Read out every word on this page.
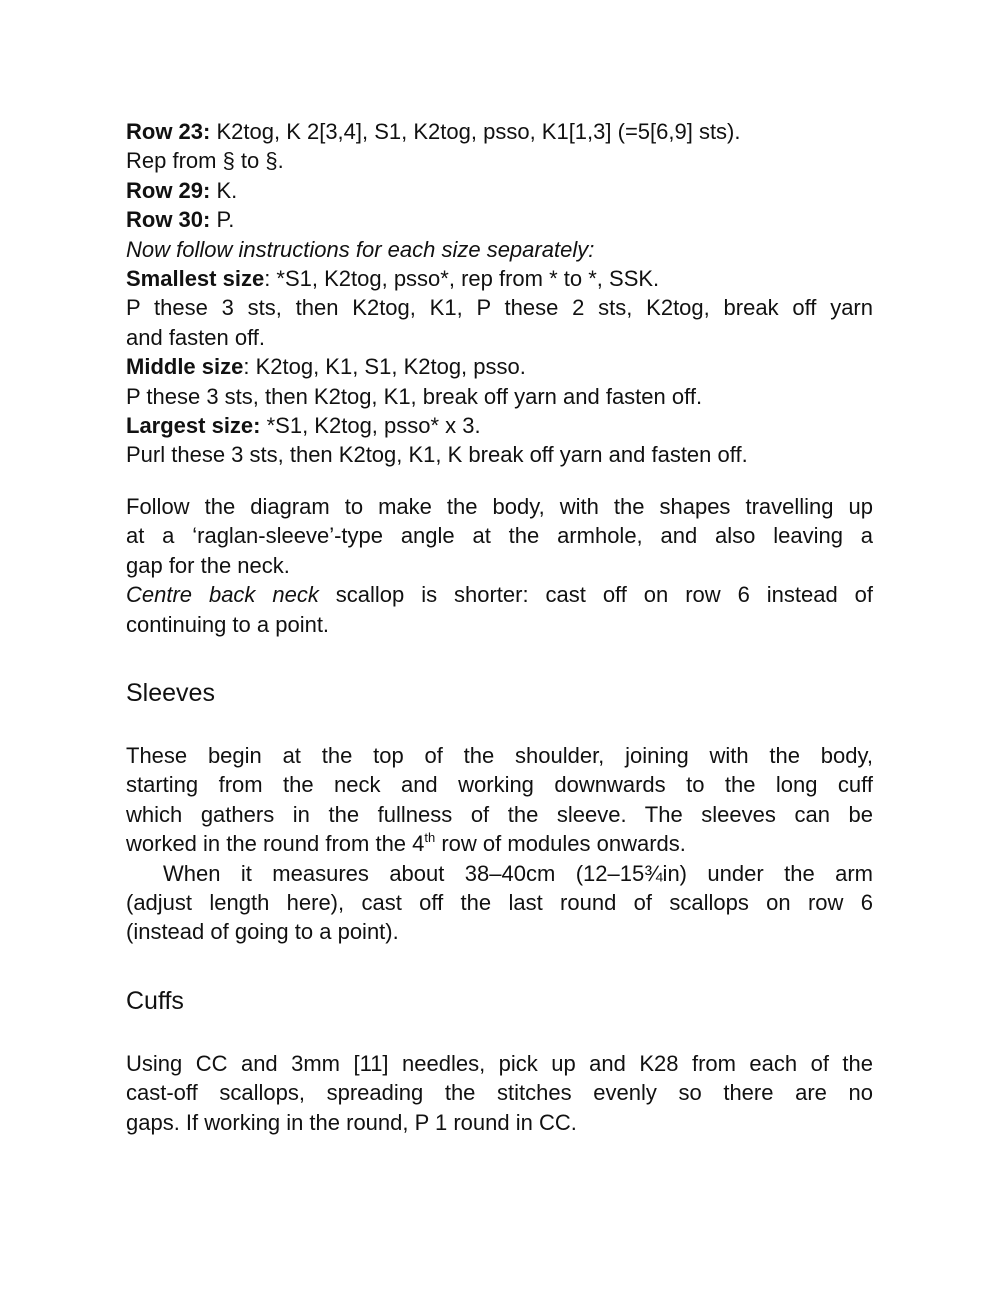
Row 23: K2tog, K 2[3,4], S1, K2tog, psso, K1[1,3] (=5[6,9] sts).
Rep from § to §.
Row 29: K.
Row 30: P.
Now follow instructions for each size separately:
Smallest size: *S1, K2tog, psso*, rep from * to *, SSK.
P these 3 sts, then K2tog, K1, P these 2 sts, K2tog, break off yarn
and fasten off.
Middle size: K2tog, K1, S1, K2tog, psso.
P these 3 sts, then K2tog, K1, break off yarn and fasten off.
Largest size: *S1, K2tog, psso* x 3.
Purl these 3 sts, then K2tog, K1, K break off yarn and fasten off.
Follow the diagram to make the body, with the shapes travelling up
at a ‘raglan-sleeve’-type angle at the armhole, and also leaving a
gap for the neck.
Centre back neck scallop is shorter: cast off on row 6 instead of
continuing to a point.
Sleeves
These begin at the top of the shoulder, joining with the body,
starting from the neck and working downwards to the long cuff
which gathers in the fullness of the sleeve. The sleeves can be
worked in the round from the 4th row of modules onwards.
When it measures about 38–40cm (12–15¾in) under the arm
(adjust length here), cast off the last round of scallops on row 6
(instead of going to a point).
Cuffs
Using CC and 3mm [11] needles, pick up and K28 from each of the
cast-off scallops, spreading the stitches evenly so there are no
gaps. If working in the round, P 1 round in CC.
